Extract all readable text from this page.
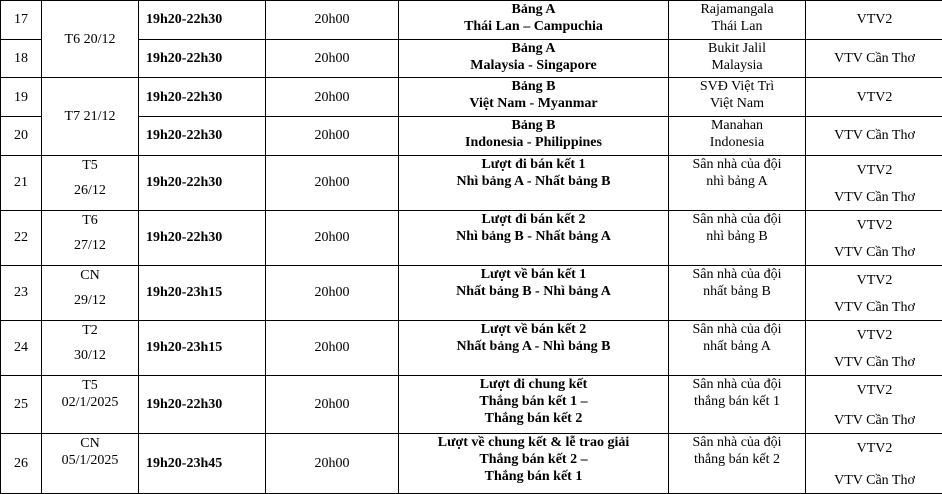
17	T6 20/12	19h20-22h30	20h00	Bảng A
Thái Lan – Campuchia	Rajamangala
Thái Lan	VTV2

18		19h20-22h30	20h00	Bảng A
Malaysia - Singapore	Bukit Jalil
Malaysia	VTV Cần Thơ

19	T7 21/12	19h20-22h30	20h00	Bảng B
Việt Nam - Myanmar	SVĐ Việt Trì
Việt Nam	VTV2

20		19h20-22h30	20h00	Bảng B
Indonesia - Philippines	Manahan
Indonesia	VTV Cần Thơ

21	T5
26/12	19h20-22h30	20h00	Lượt đi bán kết 1
Nhì bảng A - Nhất bảng B	Sân nhà của đội
nhì bảng A	VTV2
VTV Cần Thơ

22	T6
27/12	19h20-22h30	20h00	Lượt đi bán kết 2
Nhì bảng B - Nhất bảng A	Sân nhà của đội
nhì bảng B	VTV2
VTV Cần Thơ

23	CN
29/12	19h20-23h15	20h00	Lượt về bán kết 1
Nhất bảng B - Nhì bảng A	Sân nhà của đội
nhất bảng B	VTV2
VTV Cần Thơ

24	T2
30/12	19h20-23h15	20h00	Lượt về bán kết 2
Nhất bảng A - Nhì bảng B	Sân nhà của đội
nhất bảng A	VTV2
VTV Cần Thơ

25	T5
02/1/2025	19h20-22h30	20h00	Lượt đi chung kết
Thắng bán kết 1 –
Thắng bán kết 2	Sân nhà của đội
thắng bán kết 1	VTV2
VTV Cần Thơ

26	CN
05/1/2025	19h20-23h45	20h00	Lượt về chung kết & lễ trao giải
Thắng bán kết 2 –
Thắng bán kết 1	Sân nhà của đội
thắng bán kết 2	VTV2
VTV Cần Thơ
